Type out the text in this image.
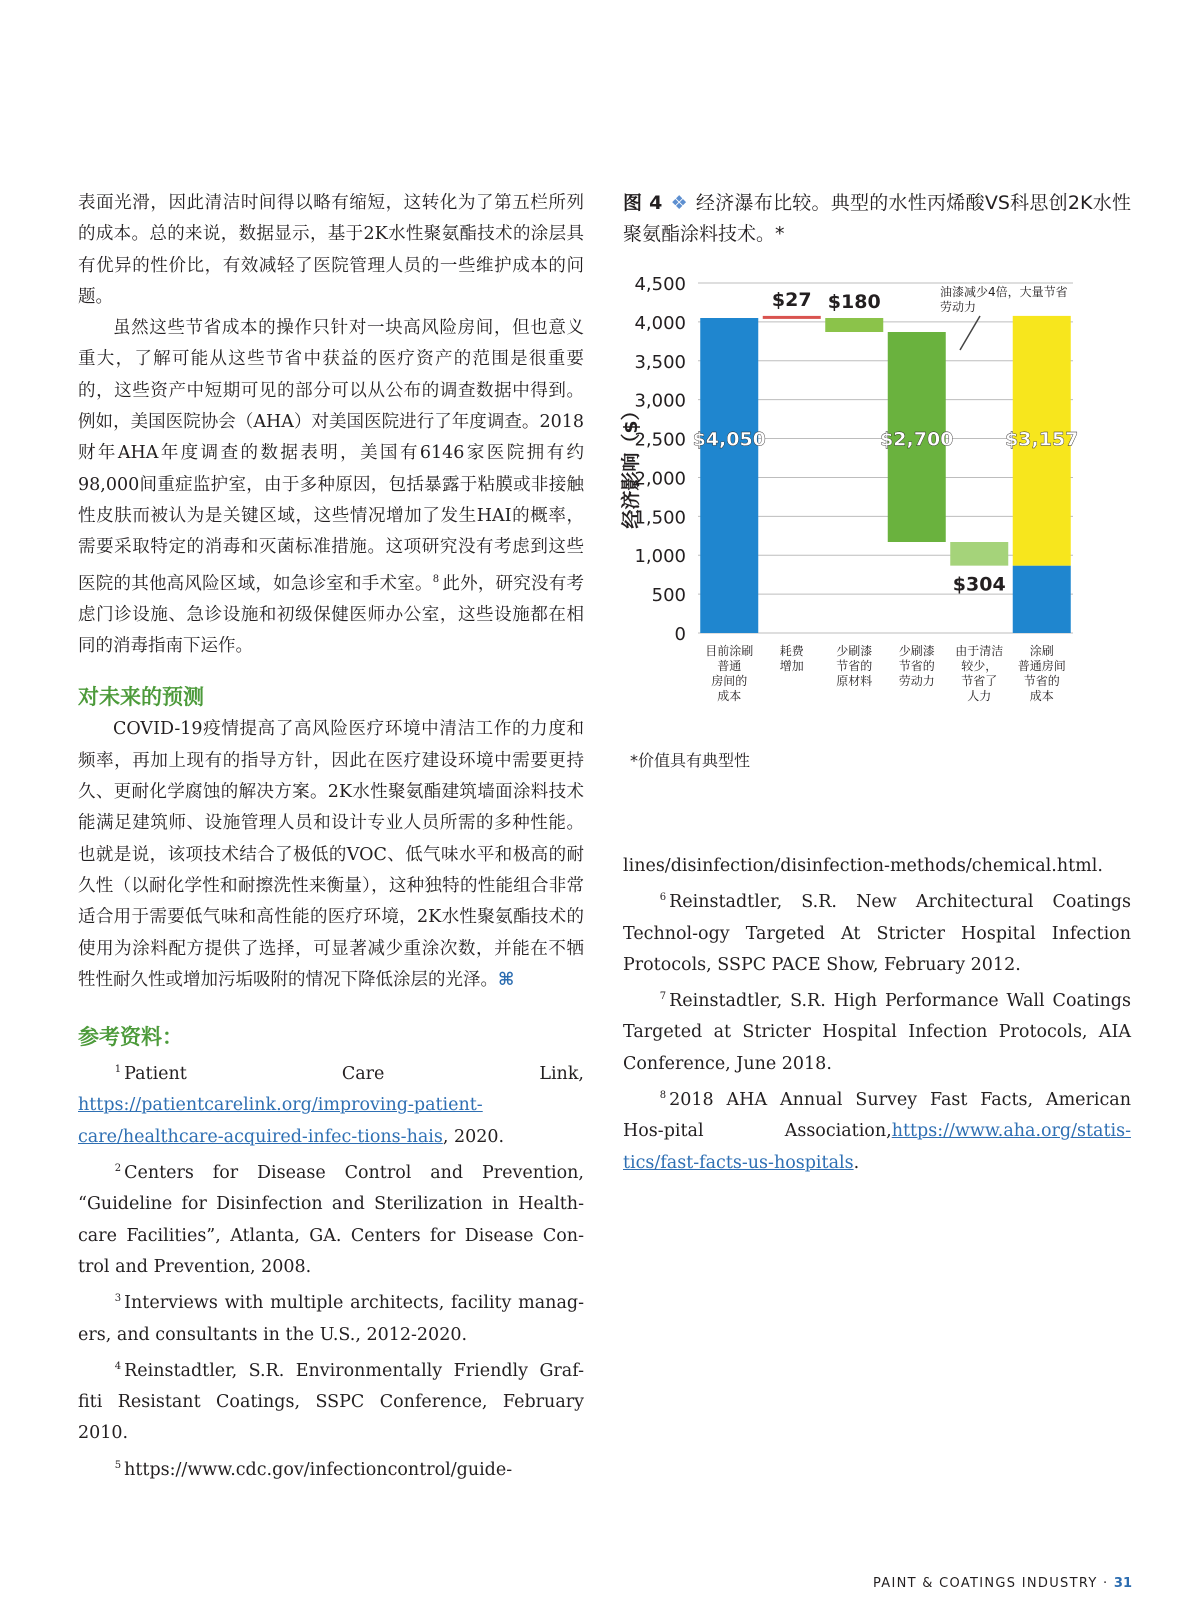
表面光滑，因此清洁时间得以略有缩短，这转化为了第五栏所列的成本。总的来说，数据显示，基于2K水性聚氨酯技术的涂层具有优异的性价比，有效减轻了医院管理人员的一些维护成本的问题。

虽然这些节省成本的操作只针对一块高风险房间，但也意义重大，了解可能从这些节省中获益的医疗资产的范围是很重要的，这些资产中短期可见的部分可以从公布的调查数据中得到。例如，美国医院协会（AHA）对美国医院进行了年度调查。2018财年AHA年度调查的数据表明，美国有6146家医院拥有约98,000间重症监护室，由于多种原因，包括暴露于粘膜或非接触性皮肤而被认为是关键区域，这些情况增加了发生HAI的概率，需要采取特定的消毒和灭菌标准措施。这项研究没有考虑到这些医院的其他高风险区域，如急诊室和手术室。$^8$ 此外，研究没有考虑门诊设施、急诊设施和初级保健医师办公室，这些设施都在相同的消毒指南下运作。

对未来的预测

COVID-19疫情提高了高风险医疗环境中清洁工作的力度和频率，再加上现有的指导方针，因此在医疗建设环境中需要更持久、更耐化学腐蚀的解决方案。2K水性聚氨酯建筑墙面涂料技术能满足建筑师、设施管理人员和设计专业人员所需的多种性能。也就是说，该项技术结合了极低的VOC、低气味水平和极高的耐久性（以耐化学性和耐擦洗性来衡量），这种独特的性能组合非常适合用于需要低气味和高性能的医疗环境，2K水性聚氨酯技术的使用为涂料配方提供了选择，可显著减少重涂次数，并能在不牺牲性耐久性或增加污垢吸附的情况下降低涂层的光泽。⌘

参考资料：

$^1$ Patient Care Link, https://patientcarelink.org/improving-patient-care/healthcare-acquired-infec-tions-hais, 2020.

$^2$ Centers for Disease Control and Prevention, “Guideline for Disinfection and Sterilization in Health-care Facilities”, Atlanta, GA. Centers for Disease Con-trol and Prevention, 2008.

$^3$ Interviews with multiple architects, facility manag-ers, and consultants in the U.S., 2012-2020.

$^4$ Reinstadtler, S.R. Environmentally Friendly Graf-fiti Resistant Coatings, SSPC Conference, February 2010.

$^5$ https://www.cdc.gov/infectioncontrol/guide-

图 4 ❖ 经济瀑布比较。典型的水性丙烯酸VS科思创2K水性聚氨酯涂料技术。*

4,500
4,000
3,500
3,000
2,500
2,000
1,500
1,000
500
0
$4,050
$27 $180
$2,700
$304
$3,157
目前涂刷
普通
房间的
成本
耗费
增加
少刷漆
节省的
原材料
少刷漆
节省的
劳动力
由于清洁
较少，
节省了
人力
涂刷
普通房间
节省的
成本
经济影响（$）
油漆减少4倍，大量节省
劳动力

*价值具有典型性

lines/disinfection/disinfection-methods/chemical.html.

$^6$ Reinstadtler, S.R. New Architectural Coatings Technol-ogy Targeted At Stricter Hospital Infection Protocols, SSPC PACE Show, February 2012.

$^7$ Reinstadtler, S.R. High Performance Wall Coatings Targeted at Stricter Hospital Infection Protocols, AIA Conference, June 2018.

$^8$ 2018 AHA Annual Survey Fast Facts, American Hos-pital Association,https://www.aha.org/statis-tics/fast-facts-us-hospitals.

PAINT & COATINGS INDUSTRY · 31
